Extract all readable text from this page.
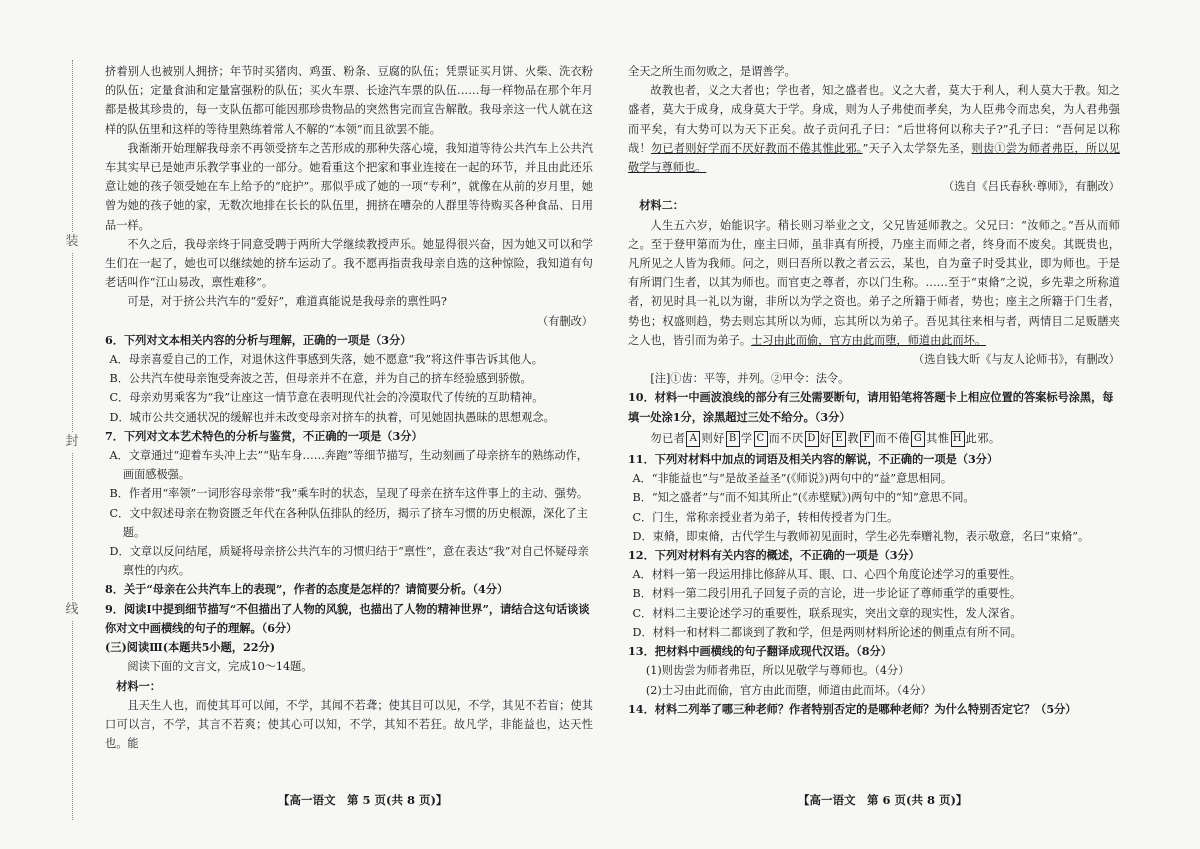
装
封
线

挤着别人也被别人拥挤；年节时买猪肉、鸡蛋、粉条、豆腐的队伍；凭票证买月饼、火柴、洗衣粉的队伍；定量食油和定量富强粉的队伍；买火车票、长途汽车票的队伍……每一样物品在那个年月都是极其珍贵的，每一支队伍都可能因那珍贵物品的突然售完而宣告解散。我母亲这一代人就在这样的队伍里和这样的等待里熟练着常人不解的“本领”而且欲罢不能。

我渐渐开始理解我母亲不再领受挤车之苦形成的那种失落心境，我知道等待公共汽车上公共汽车其实早已是她声乐教学事业的一部分。她看重这个把家和事业连接在一起的环节，并且由此还乐意让她的孩子领受她在车上给予的“庇护”。那似乎成了她的一项“专利”，就像在从前的岁月里，她曾为她的孩子她的家，无数次地排在长长的队伍里，拥挤在嘈杂的人群里等待购买各种食品、日用品一样。

不久之后，我母亲终于同意受聘于两所大学继续教授声乐。她显得很兴奋，因为她又可以和学生们在一起了，她也可以继续她的挤车运动了。我不愿再指责我母亲自选的这种惊险，我知道有句老话叫作“江山易改，禀性难移”。

可是，对于挤公共汽车的“爱好”，难道真能说是我母亲的禀性吗?

（有删改）

6．下列对文本相关内容的分析与理解，正确的一项是（3分）

A．母亲喜爱自己的工作，对退休这件事感到失落，她不愿意“我”将这件事告诉其他人。

B．公共汽车使母亲饱受奔波之苦，但母亲并不在意，并为自己的挤车经验感到骄傲。

C．母亲劝男乘客为“我”让座这一情节意在表明现代社会的冷漠取代了传统的互助精神。

D．城市公共交通状况的缓解也并未改变母亲对挤车的执着，可见她固执愚昧的思想观念。

7．下列对文本艺术特色的分析与鉴赏，不正确的一项是（3分）

A．文章通过“迎着车头冲上去”“贴车身……奔跑”等细节描写，生动刻画了母亲挤车的熟练动作，画面感极强。

B．作者用“率领”一词形容母亲带“我”乘车时的状态，呈现了母亲在挤车这件事上的主动、强势。

C．文中叙述母亲在物资匮乏年代在各种队伍排队的经历，揭示了挤车习惯的历史根源，深化了主题。

D．文章以反问结尾，质疑将母亲挤公共汽车的习惯归结于“禀性”，意在表达“我”对自己怀疑母亲禀性的内疚。

8．关于“母亲在公共汽车上的表现”，作者的态度是怎样的？请简要分析。（4分）

9．阅读Ⅰ中提到细节描写“不但描出了人物的风貌，也描出了人物的精神世界”，请结合这句话谈谈你对文中画横线的句子的理解。（6分）

(三)阅读Ⅲ(本题共5小题，22分)

阅读下面的文言文，完成10～14题。

材料一：

且天生人也，而使其耳可以闻，不学，其闻不若聋；使其目可以见，不学，其见不若盲；使其口可以言，不学，其言不若爽；使其心可以知，不学，其知不若狂。故凡学，非能益也，达天性也。能

【高一语文　第 5 页(共 8 页)】

全天之所生而勿败之，是谓善学。

故教也者，义之大者也；学也者，知之盛者也。义之大者，莫大于利人，利人莫大于教。知之盛者，莫大于成身，成身莫大于学。身成，则为人子弗使而孝矣，为人臣弗令而忠矣，为人君弗强而平矣，有大势可以为天下正矣。故子贡问孔子曰：“后世将何以称夫子?”孔子曰：“吾何足以称哉！勿已者则好学而不厌好教而不倦其惟此邪。”天子入太学祭先圣，则齿①尝为师者弗臣，所以见敬学与尊师也。

（选自《吕氏春秋·尊师》，有删改）

材料二：

人生五六岁，始能识字。稍长则习举业之文，父兄皆延师教之。父兄曰：“汝师之。”吾从而师之。至于登甲第而为仕，座主曰师，虽非真有所授，乃座主而师之者，终身而不废矣。其既贵也，凡所见之人皆为我师。问之，则曰吾所以教之者云云，某也，自为童子时受其业，即为师也。于是有所谓门生者，以其为师也。而官吏之尊者，亦以门生称。……至于“束脩”之说，乡先辈之所称道者，初见时具一礼以为谢，非所以为学之资也。弟子之所籍于师者，势也；座主之所籍于门生者，势也；权盛则趋，势去则忘其所以为师，忘其所以为弟子。吾见其往来相与者，两情目二足贩膳夹之人也，皆引而为弟子。士习由此而偷，官方由此而堕，师道由此而坏。

（选自钱大昕《与友人论师书》，有删改）

[注]①齿：平等，并列。②甲令：法令。

10．材料一中画波浪线的部分有三处需要断句，请用铅笔将答题卡上相应位置的答案标号涂黑，每填一处涂1分，涂黑超过三处不给分。（3分）

勿已者 A 则好 B 学 C 而不厌 D 好 E 教 F 而不倦 G 其惟 H 此邪。

11．下列对材料中加点的词语及相关内容的解说，不正确的一项是（3分）

A．“非能益也”与“是故圣益圣”(《师说》)两句中的“益”意思相同。

B．“知之盛者”与“而不知其所止”(《赤壁赋》)两句中的“知”意思不同。

C．门生，常称亲授业者为弟子，转相传授者为门生。

D．束脩，即束脩，古代学生与教师初见面时，学生必先奉赠礼物，表示敬意，名曰“束脩”。

12．下列对材料有关内容的概述，不正确的一项是（3分）

A．材料一第一段运用排比修辞从耳、眼、口、心四个角度论述学习的重要性。

B．材料一第二段引用孔子回复子贡的言论，进一步论证了尊师重学的重要性。

C．材料二主要论述学习的重要性，联系现实，突出文章的现实性，发人深省。

D．材料一和材料二都谈到了教和学，但是两则材料所论述的侧重点有所不同。

13．把材料中画横线的句子翻译成现代汉语。（8分）

(1)则齿尝为师者弗臣，所以见敬学与尊师也。（4分）

(2)士习由此而偷，官方由此而堕，师道由此而坏。（4分）

14．材料二列举了哪三种老师？作者特别否定的是哪种老师？为什么特别否定它？（5分）

【高一语文　第 6 页(共 8 页)】
